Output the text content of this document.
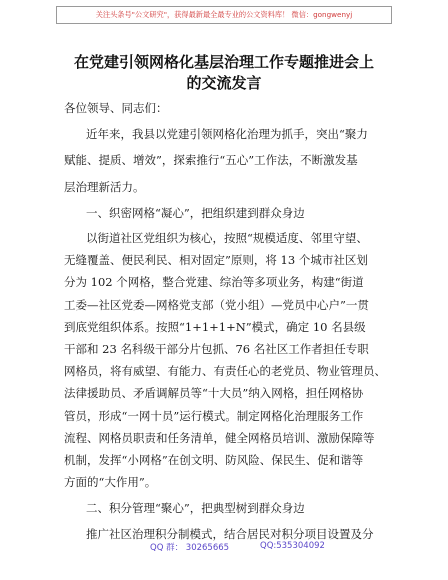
关注头条号"公文研究"，获得最新最全最专业的公文资料库！ 微信：gongwenyj
在党建引领网格化基层治理工作专题推进会上
的交流发言
各位领导、同志们：
近年来，我县以党建引领网格化治理为抓手，突出“聚力
赋能、提质、增效”，探索推行“五心”工作法，不断激发基
层治理新活力。
一、织密网格“凝心”，把组织建到群众身边
以街道社区党组织为核心，按照“规模适度、邻里守望、
无缝覆盖、便民利民、相对固定”原则，将 13 个城市社区划
分为 102 个网格，整合党建、综治等多项业务，构建“街道
工委—社区党委—网格党支部（党小组）—党员中心户”一贯
到底党组织体系。按照“1+1+1+N”模式，确定 10 名县级
干部和 23 名科级干部分片包抓、76 名社区工作者担任专职
网格员，将有威望、有能力、有责任心的老党员、物业管理员、
法律援助员、矛盾调解员等“十大员”纳入网格，担任网格协
管员，形成“一网十员”运行模式。制定网格化治理服务工作
流程、网格员职责和任务清单，健全网格员培训、激励保障等
机制，发挥“小网格”在创文明、防风险、保民生、促和谐等
方面的“大作用”。
QQ 群： 30265665	QQ:535304092
二、积分管理“聚心”，把典型树到群众身边
推广社区治理积分制模式，结合居民对积分项目设置及分
